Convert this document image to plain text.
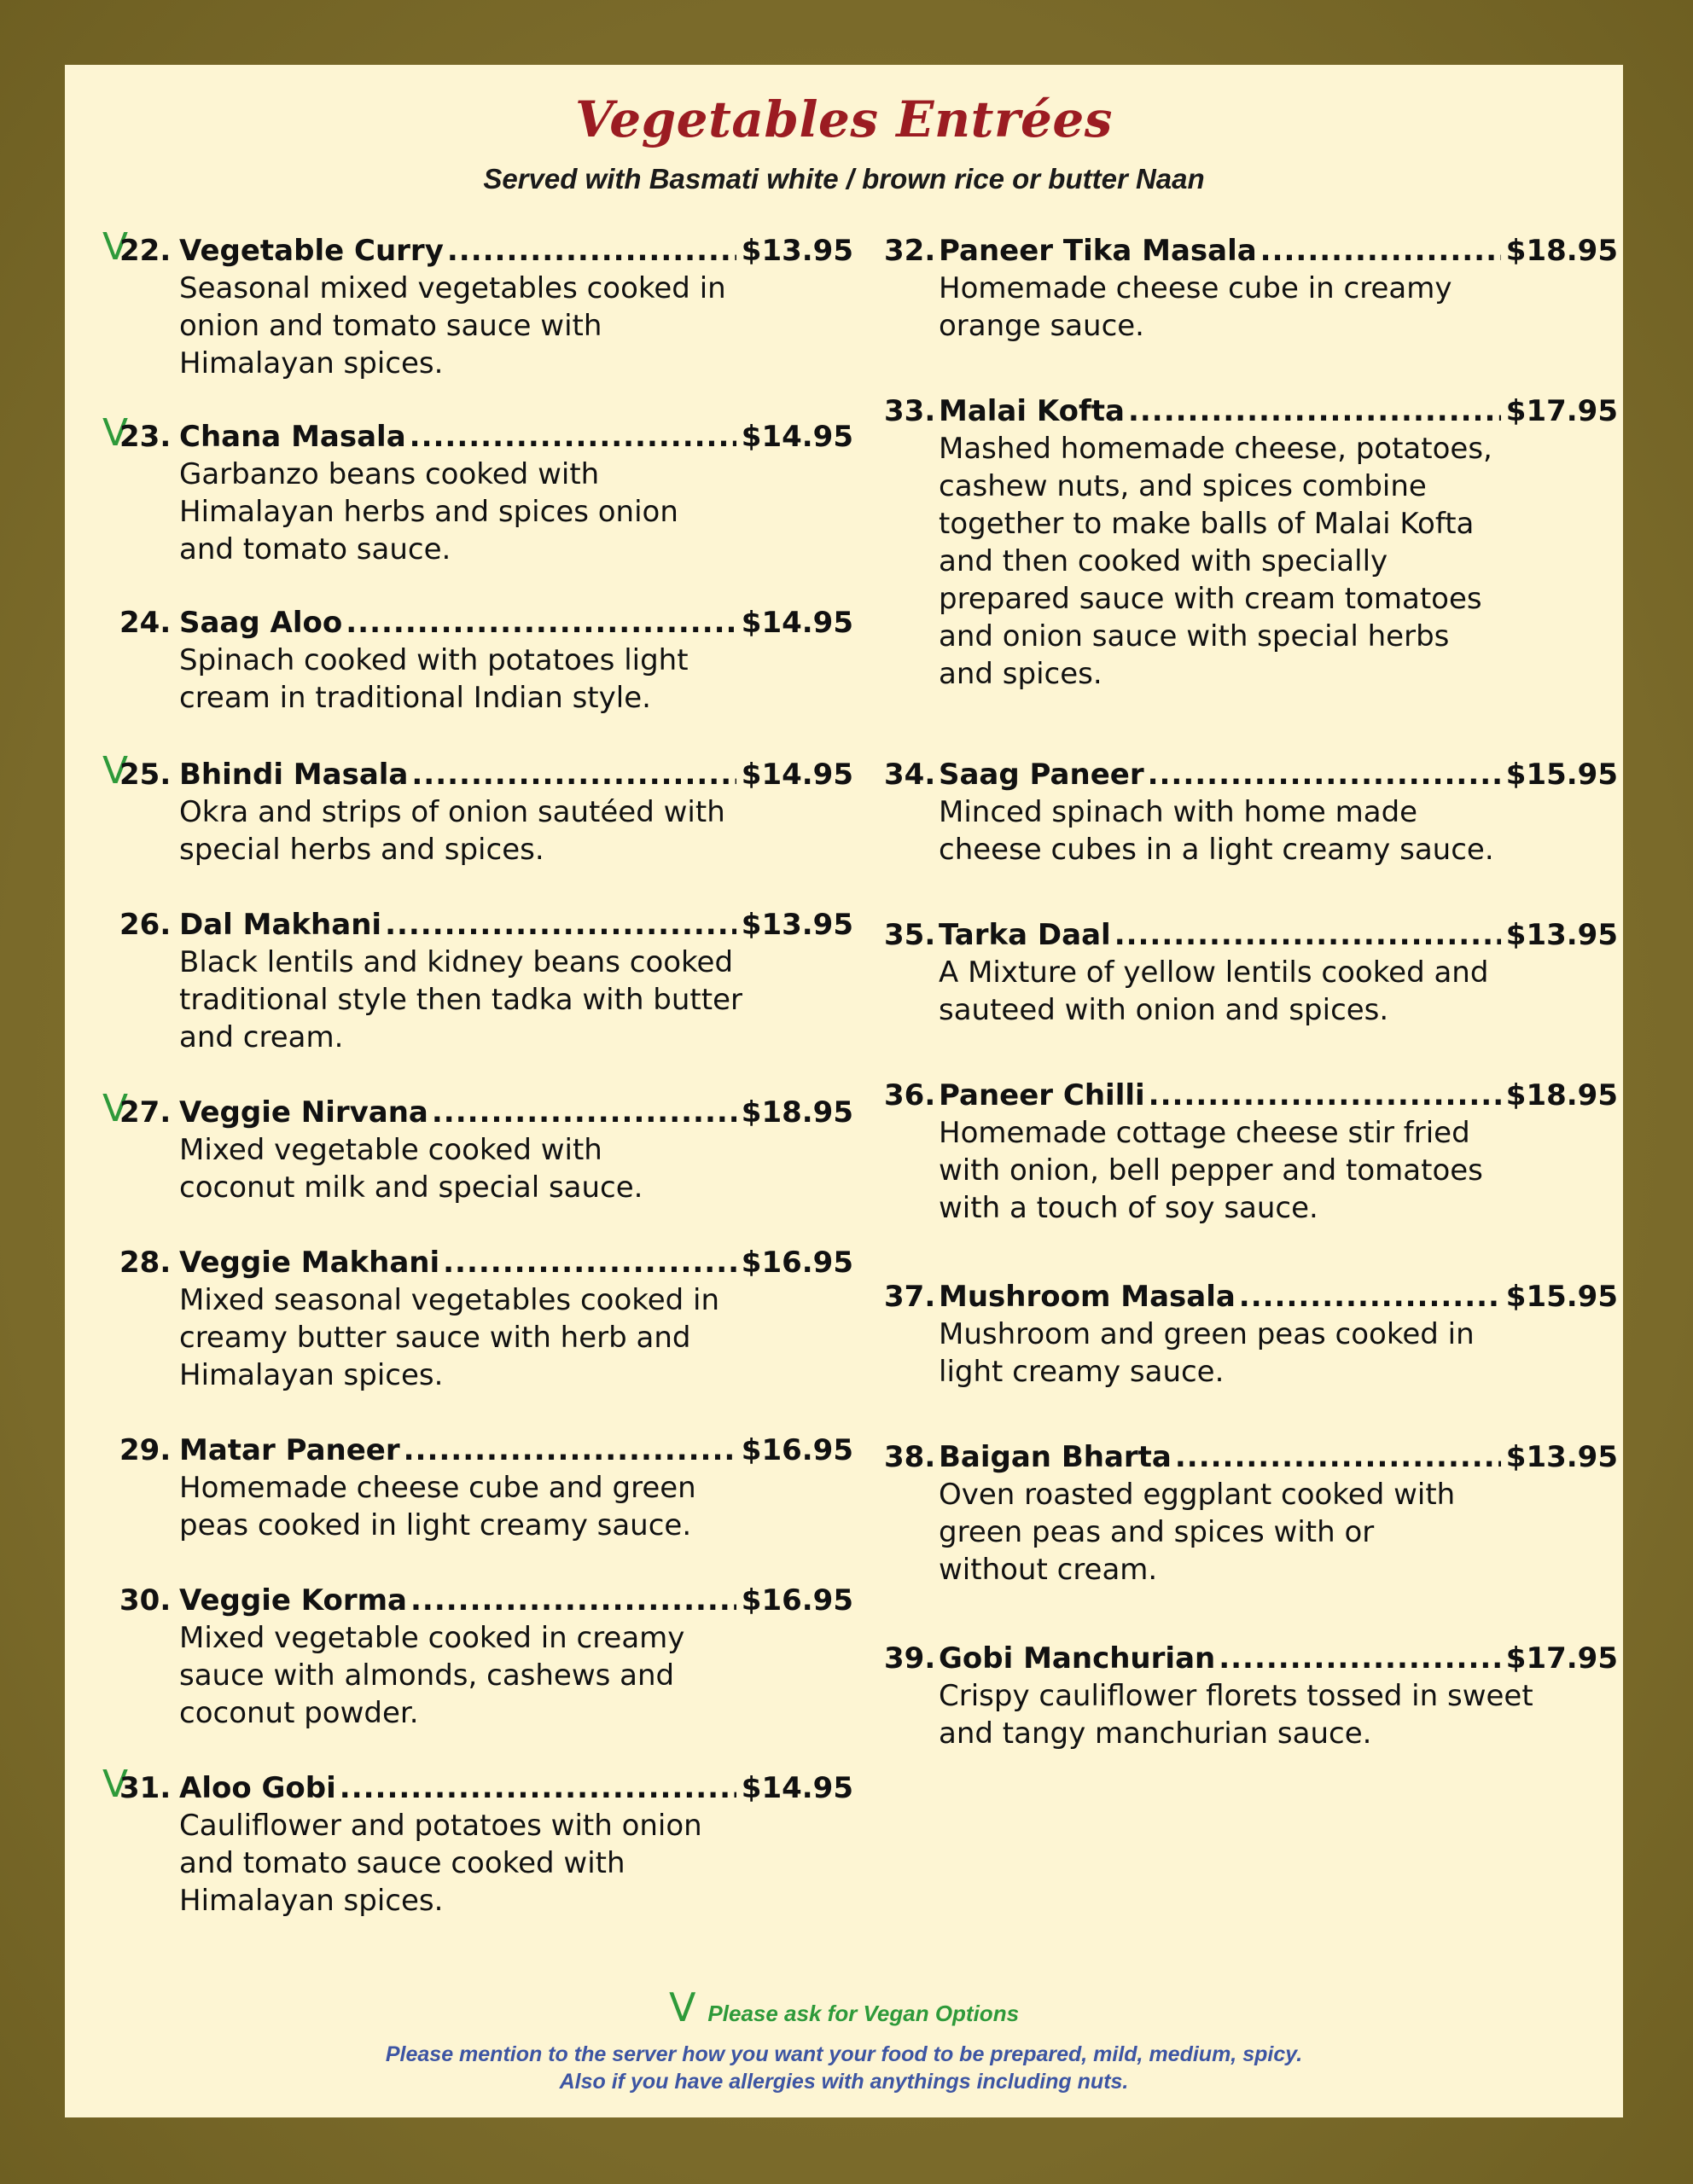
Vegetables Entrées
Served with Basmati white / brown rice or butter Naan
V
22. Vegetable Curry .....	$13.95
Seasonal mixed vegetables cooked in
onion and tomato sauce with
Himalayan spices.
V
23. Chana Masala .....	$14.95
Garbanzo beans cooked with
Himalayan herbs and spices onion
and tomato sauce.
24. Saag Aloo .....	$14.95
Spinach cooked with potatoes light
cream in traditional Indian style.
V
25. Bhindi Masala .....	$14.95
Okra and strips of onion sautéed with
special herbs and spices.
26. Dal Makhani .....	$13.95
Black lentils and kidney beans cooked
traditional style then tadka with butter
and cream.
V
27. Veggie Nirvana .....	$18.95
Mixed vegetable cooked with
coconut milk and special sauce.
28. Veggie Makhani .....	$16.95
Mixed seasonal vegetables cooked in
creamy butter sauce with herb and
Himalayan spices.
29. Matar Paneer .....	$16.95
Homemade cheese cube and green
peas cooked in light creamy sauce.
30. Veggie Korma .....	$16.95
Mixed vegetable cooked in creamy
sauce with almonds, cashews and
coconut powder.
V
31. Aloo Gobi .....	$14.95
Cauliflower and potatoes with onion
and tomato sauce cooked with
Himalayan spices.
32. Paneer Tika Masala .....	$18.95
Homemade cheese cube in creamy
orange sauce.
33. Malai Kofta .....	$17.95
Mashed homemade cheese, potatoes,
cashew nuts, and spices combine
together to make balls of Malai Kofta
and then cooked with specially
prepared sauce with cream tomatoes
and onion sauce with special herbs
and spices.
34. Saag Paneer .....	$15.95
Minced spinach with home made
cheese cubes in a light creamy sauce.
35. Tarka Daal .....	$13.95
A Mixture of yellow lentils cooked and
sauteed with onion and spices.
36. Paneer Chilli .....	$18.95
Homemade cottage cheese stir fried
with onion, bell pepper and tomatoes
with a touch of soy sauce.
37. Mushroom Masala .....	$15.95
Mushroom and green peas cooked in
light creamy sauce.
38. Baigan Bharta .....	$13.95
Oven roasted eggplant cooked with
green peas and spices with or
without cream.
39. Gobi Manchurian .....	$17.95
Crispy cauliflower florets tossed in sweet
and tangy manchurian sauce.
V Please ask for Vegan Options
Please mention to the server how you want your food to be prepared, mild, medium, spicy.
Also if you have allergies with anythings including nuts.
